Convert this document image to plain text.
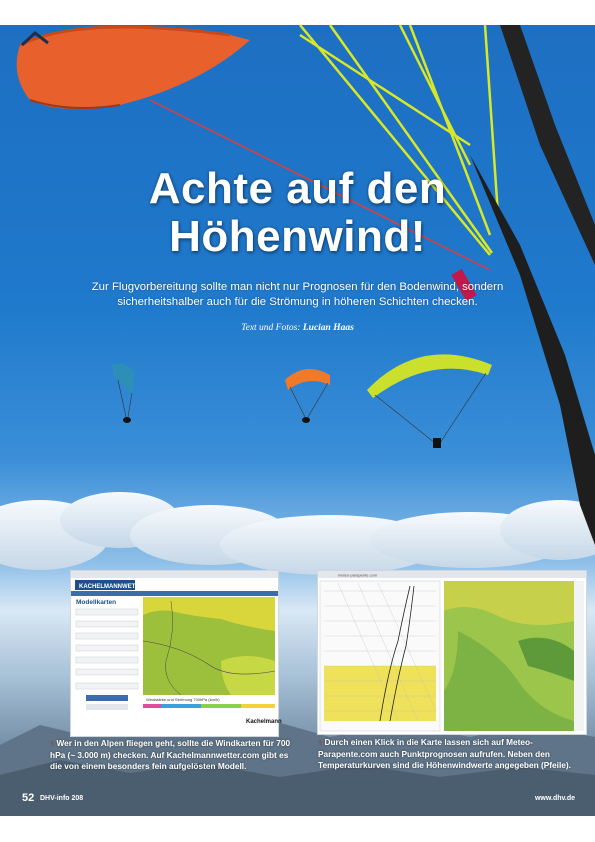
Achte auf den
Höhenwind!
Zur Flugvorbereitung sollte man nicht nur Prognosen für den Bodenwind, sondern
sicherheitshalber auch für die Strömung in höheren Schichten checken.
Text und Fotos: Lucian Haas
KACHELMANNWETTER
Modellkarten
Windstärke und Strömung 700hPa (km/h)
Kachelmann
meteo-parapente.com
↑ Wer in den Alpen fliegen geht, sollte die Windkarten für 700 hPa (~ 3.000 m) checken. Auf Kachelmannwetter.com gibt es die von einem besonders fein aufgelösten Modell.
↑ Durch einen Klick in die Karte lassen sich auf Meteo-Parapente.com auch Punktprognosen aufrufen. Neben den Temperaturkurven sind die Höhenwindwerte angegeben (Pfeile).
52 DHV-info 208	www.dhv.de
